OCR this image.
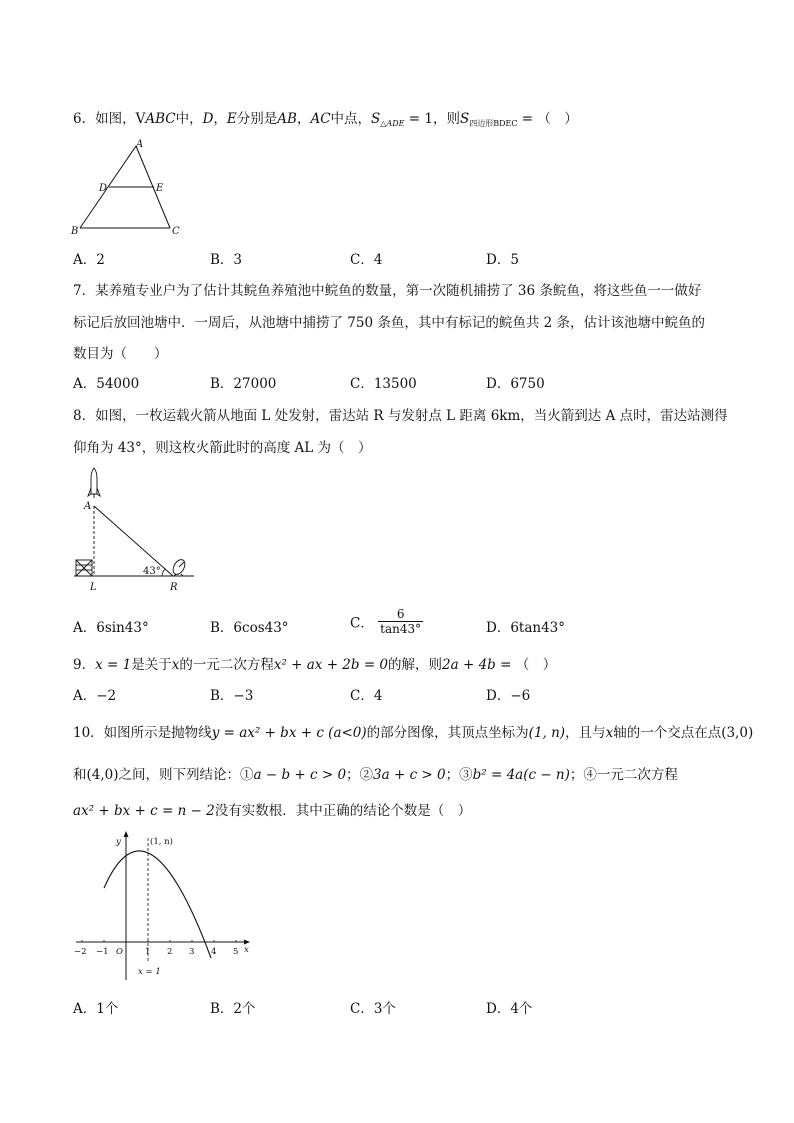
6．如图，VABC中，D，E分别是AB，AC中点，$S_{\triangle ADE} = 1$，则$S_{四边形BDEC}$ = （　）
A
B	C
D	E
A．2	B．3	C．4	D．5
7．某养殖专业户为了估计其鲩鱼养殖池中鲩鱼的数量，第一次随机捕捞了 36 条鲩鱼，将这些鱼一一做好
标记后放回池塘中．一周后，从池塘中捕捞了 750 条鱼，其中有标记的鲩鱼共 2 条，估计该池塘中鲩鱼的
数目为（　　）
A．54000	B．27000	C．13500	D．6750
8．如图，一枚运载火箭从地面 L 处发射，雷达站 R 与发射点 L 距离 6km，当火箭到达 A 点时，雷达站测得
仰角为 43°，则这枚火箭此时的高度 AL 为（　）
43°
A
L	R
A．6sin43°	B．6cos43°	C． $\frac{6}{\tan 43^\circ}$	D．6tan43°
9．x = 1是关于x的一元二次方程x² + ax + 2b = 0的解，则2a + 4b = （　）
A．−2	B．−3	C．4	D．−6
10．如图所示是抛物线y = ax² + bx + c (a<0)的部分图像，其顶点坐标为(1, n)，且与x轴的一个交点在点(3,0)
和(4,0)之间，则下列结论：①a − b + c > 0；②3a + c > 0；③b² = 4a(c − n)；④一元二次方程
ax² + bx + c = n − 2没有实数根．其中正确的结论个数是（　）
y
x
O
(1, n)
x = 1
−2 −1	1 2 3 4 5
A．1个	B．2个	C．3个	D．4个
